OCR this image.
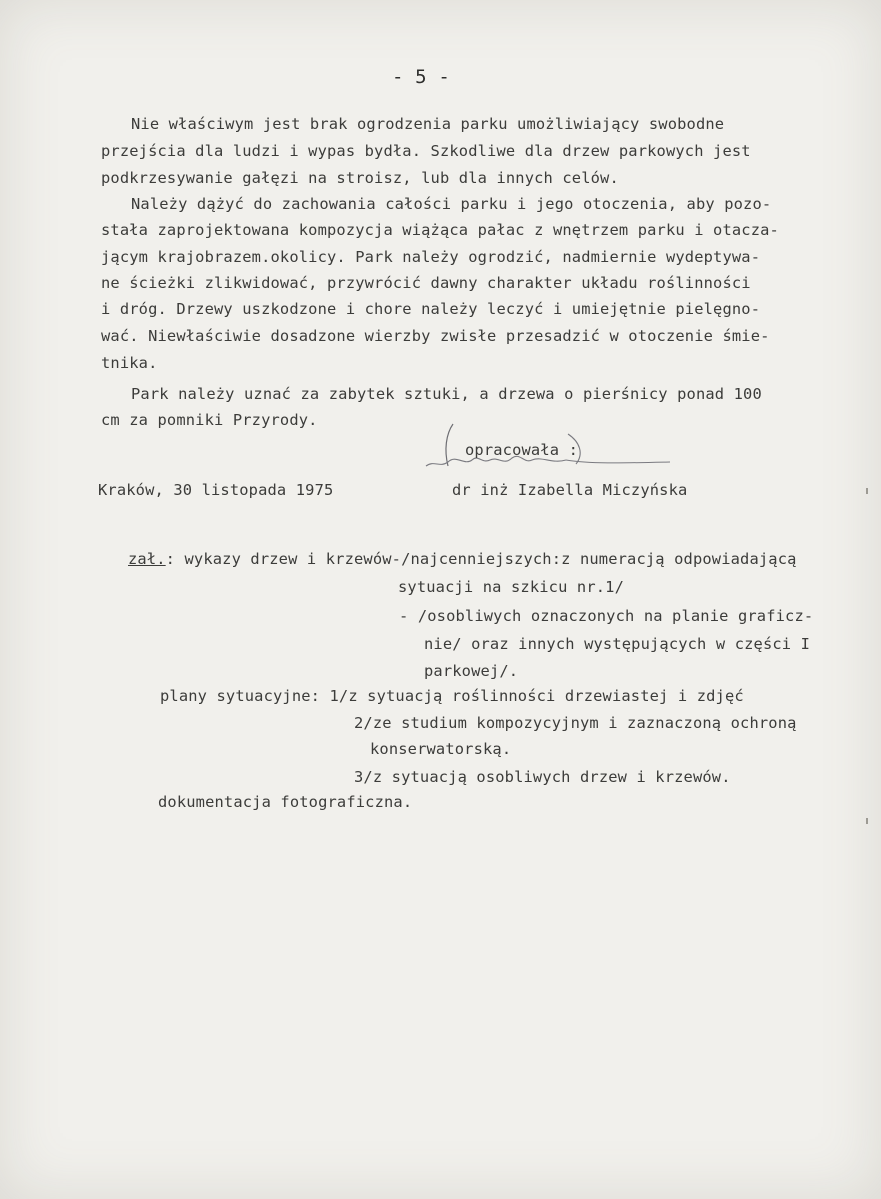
- 5 -
Nie właściwym jest brak ogrodzenia parku umożliwiający swobodne
przejścia dla ludzi i wypas bydła. Szkodliwe dla drzew parkowych jest
podkrzesywanie gałęzi na stroisz, lub dla innych celów.
Należy dążyć do zachowania całości parku i jego otoczenia, aby pozo-
stała zaprojektowana kompozycja wiążąca pałac z wnętrzem parku i otacza-
jącym krajobrazem.okolicy. Park należy ogrodzić, nadmiernie wydeptywa-
ne ścieżki zlikwidować, przywrócić dawny charakter układu roślinności
i dróg. Drzewy uszkodzone i chore należy leczyć i umiejętnie pielęgno-
wać. Niewłaściwie dosadzone wierzby zwisłe przesadzić w otoczenie śmie-
tnika.
Park należy uznać za zabytek sztuki, a drzewa o pierśnicy ponad 100
cm za pomniki Przyrody.
opracowała :
Kraków, 30 listopada 1975	dr inż Izabella Miczyńska
zał.: wykazy drzew i krzewów-/najcenniejszych:z numeracją odpowiadającą
sytuacji na szkicu nr.1/
- /osobliwych oznaczonych na planie graficz-
nie/ oraz innych występujących w części I
parkowej/.
plany sytuacyjne: 1/z sytuacją roślinności drzewiastej i zdjęć
2/ze studium kompozycyjnym i zaznaczoną ochroną
konserwatorską.
3/z sytuacją osobliwych drzew i krzewów.
dokumentacja fotograficzna.
